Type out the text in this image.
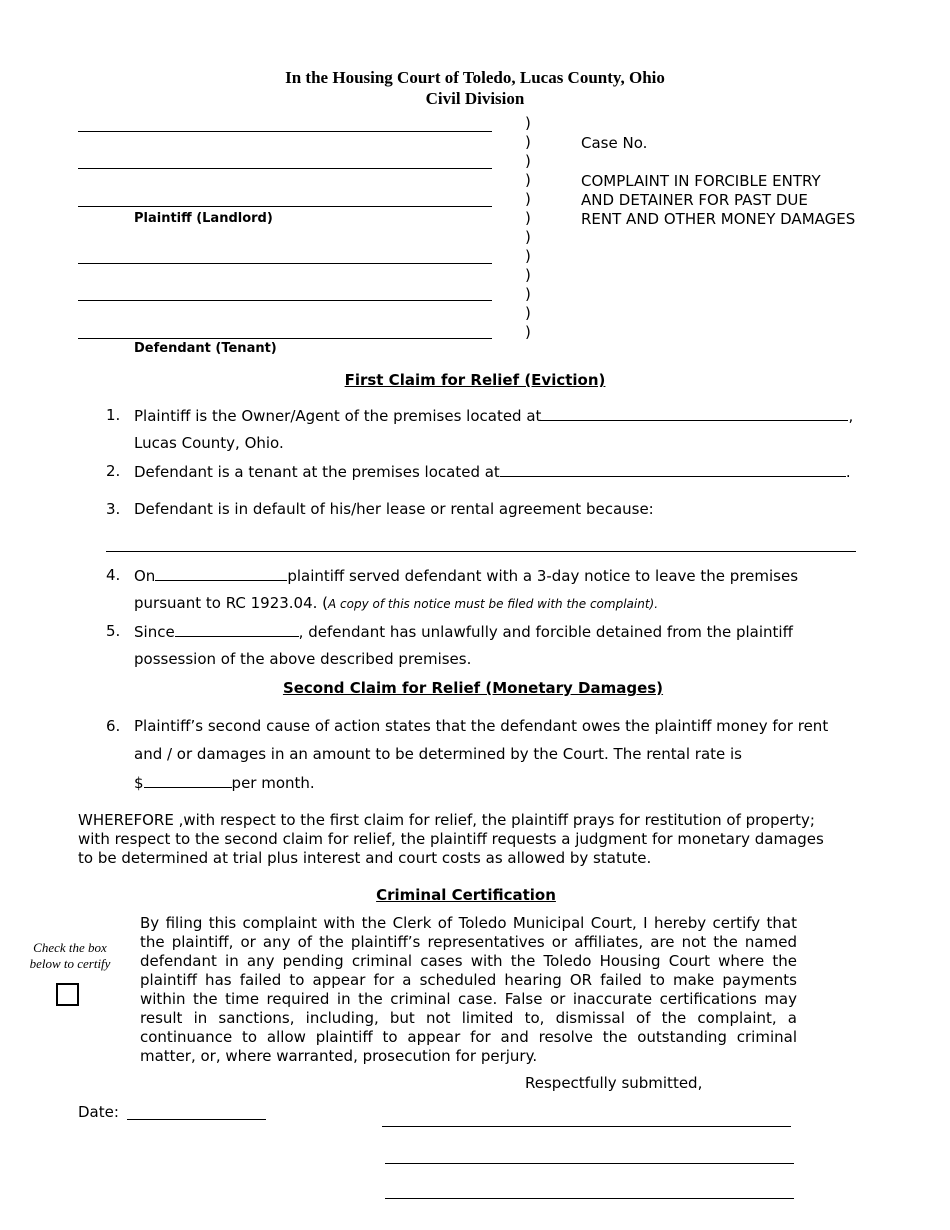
In the Housing Court of Toledo, Lucas County, Ohio
Civil Division
Plaintiff (Landlord)
Defendant (Tenant)
)
)
)
)
)
)
)
)
)
)
)
)
Case No.
COMPLAINT IN FORCIBLE ENTRY
AND DETAINER FOR PAST DUE
RENT AND OTHER MONEY DAMAGES
First Claim for Relief (Eviction)
1. Plaintiff is the Owner/Agent of the premises located at	,
Lucas County, Ohio.
2. Defendant is a tenant at the premises located at	.
3. Defendant is in default of his/her lease or rental agreement because:
4. On	plaintiff served defendant with a 3-day notice to leave the premises
pursuant to RC 1923.04. (A copy of this notice must be filed with the complaint).
5. Since	, defendant has unlawfully and forcible detained from the plaintiff
possession of the above described premises.
Second Claim for Relief (Monetary Damages)
6. Plaintiff’s second cause of action states that the defendant owes the plaintiff money for rent
and / or damages in an amount to be determined by the Court. The rental rate is
$	per month.
WHEREFORE ,with respect to the first claim for relief, the plaintiff prays for restitution of property;
with respect to the second claim for relief, the plaintiff requests a judgment for monetary damages
to be determined at trial plus interest and court costs as allowed by statute.
Criminal Certification
Check the box
below to certify
By filing this complaint with the Clerk of Toledo Municipal Court, I hereby certify that the plaintiff, or any of the plaintiff’s representatives or affiliates, are not the named defendant in any pending criminal cases with the Toledo Housing Court where the plaintiff has failed to appear for a scheduled hearing OR failed to make payments within the time required in the criminal case. False or inaccurate certifications may result in sanctions, including, but not limited to, dismissal of the complaint, a continuance to allow plaintiff to appear for and resolve the outstanding criminal matter, or, where warranted, prosecution for perjury.
Respectfully submitted,
Date:
